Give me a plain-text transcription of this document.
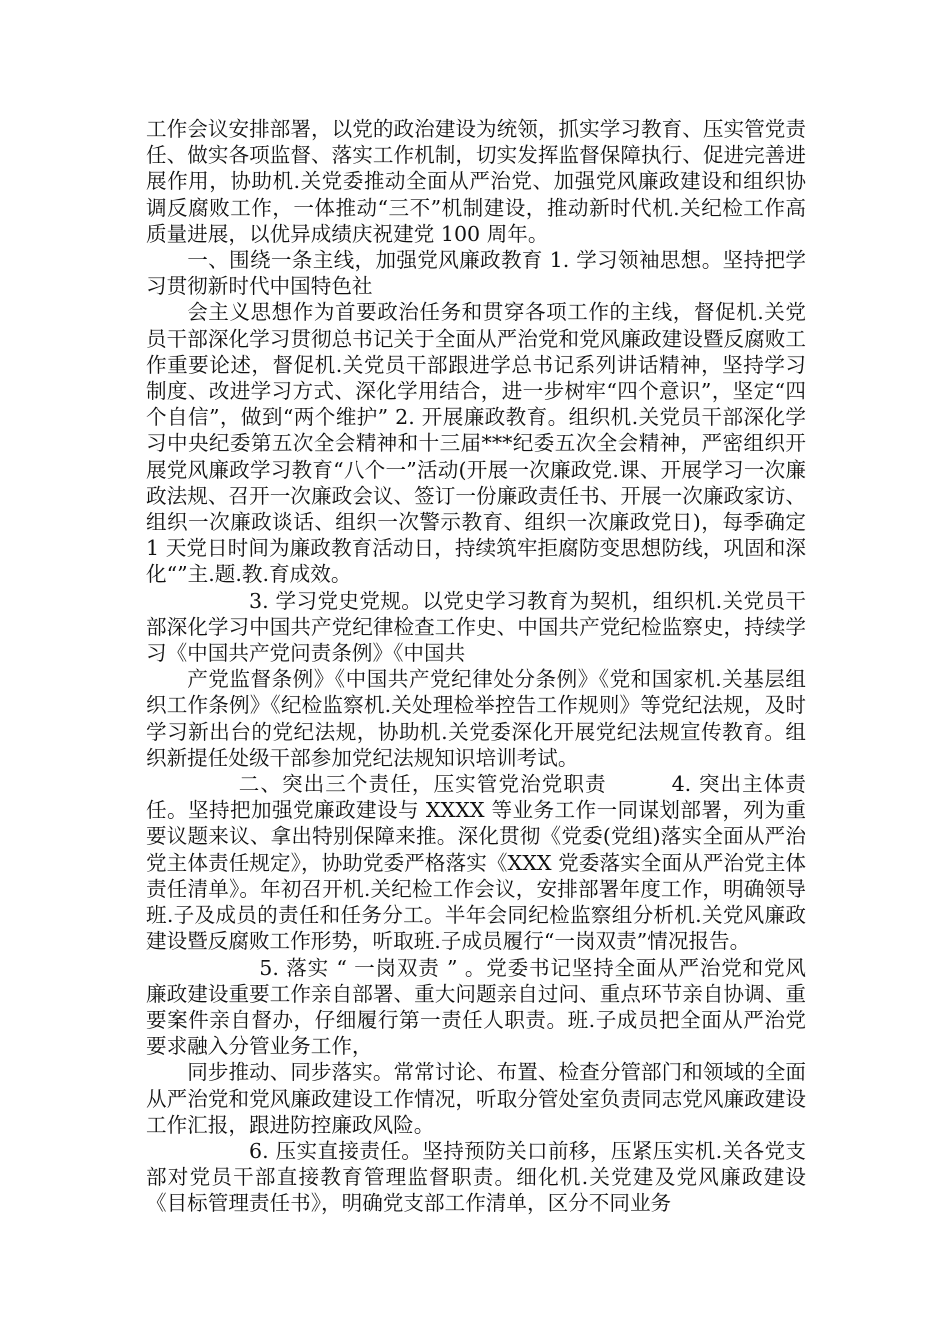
工作会议安排部署，以党的政治建设为统领，抓实学习教育、压实管党责任、做实各项监督、落实工作机制，切实发挥监督保障执行、促进完善进展作用，协助机.关党委推动全面从严治党、加强党风廉政建设和组织协调反腐败工作，一体推动“三不”机制建设，推动新时代机.关纪检工作高质量进展，以优异成绩庆祝建党 100 周年。

一、围绕一条主线，加强党风廉政教育 1. 学习领袖思想。坚持把学习贯彻新时代中国特色社

会主义思想作为首要政治任务和贯穿各项工作的主线，督促机.关党员干部深化学习贯彻总书记关于全面从严治党和党风廉政建设暨反腐败工作重要论述，督促机.关党员干部跟进学总书记系列讲话精神，坚持学习制度、改进学习方式、深化学用结合，进一步树牢“四个意识”，坚定“四个自信”，做到“两个维护” 2. 开展廉政教育。组织机.关党员干部深化学习中央纪委第五次全会精神和十三届***纪委五次全会精神，严密组织开展党风廉政学习教育“八个一”活动(开展一次廉政党.课、开展学习一次廉政法规、召开一次廉政会议、签订一份廉政责任书、开展一次廉政家访、组织一次廉政谈话、组织一次警示教育、组织一次廉政党日)，每季确定 1 天党日时间为廉政教育活动日，持续筑牢拒腐防变思想防线，巩固和深化“”主.题.教.育成效。

3. 学习党史党规。以党史学习教育为契机，组织机.关党员干部深化学习中国共产党纪律检查工作史、中国共产党纪检监察史，持续学习《中国共产党问责条例》《中国共

产党监督条例》《中国共产党纪律处分条例》《党和国家机.关基层组织工作条例》《纪检监察机.关处理检举控告工作规则》等党纪法规，及时学习新出台的党纪法规，协助机.关党委深化开展党纪法规宣传教育。组织新提任处级干部参加党纪法规知识培训考试。

二、突出三个责任，压实管党治党职责　　　4. 突出主体责任。坚持把加强党廉政建设与 XXXX 等业务工作一同谋划部署，列为重要议题来议、拿出特别保障来推。深化贯彻《党委(党组)落实全面从严治党主体责任规定》，协助党委严格落实《XXX 党委落实全面从严治党主体责任清单》。年初召开机.关纪检工作会议，安排部署年度工作，明确领导班.子及成员的责任和任务分工。半年会同纪检监察组分析机.关党风廉政建设暨反腐败工作形势，听取班.子成员履行“一岗双责”情况报告。

5. 落实 “ 一岗双责 ” 。党委书记坚持全面从严治党和党风廉政建设重要工作亲自部署、重大问题亲自过问、重点环节亲自协调、重要案件亲自督办，仔细履行第一责任人职责。班.子成员把全面从严治党要求融入分管业务工作，

同步推动、同步落实。常常讨论、布置、检查分管部门和领域的全面从严治党和党风廉政建设工作情况，听取分管处室负责同志党风廉政建设工作汇报，跟进防控廉政风险。

6. 压实直接责任。坚持预防关口前移，压紧压实机.关各党支部对党员干部直接教育管理监督职责。细化机.关党建及党风廉政建设《目标管理责任书》，明确党支部工作清单，区分不同业务
